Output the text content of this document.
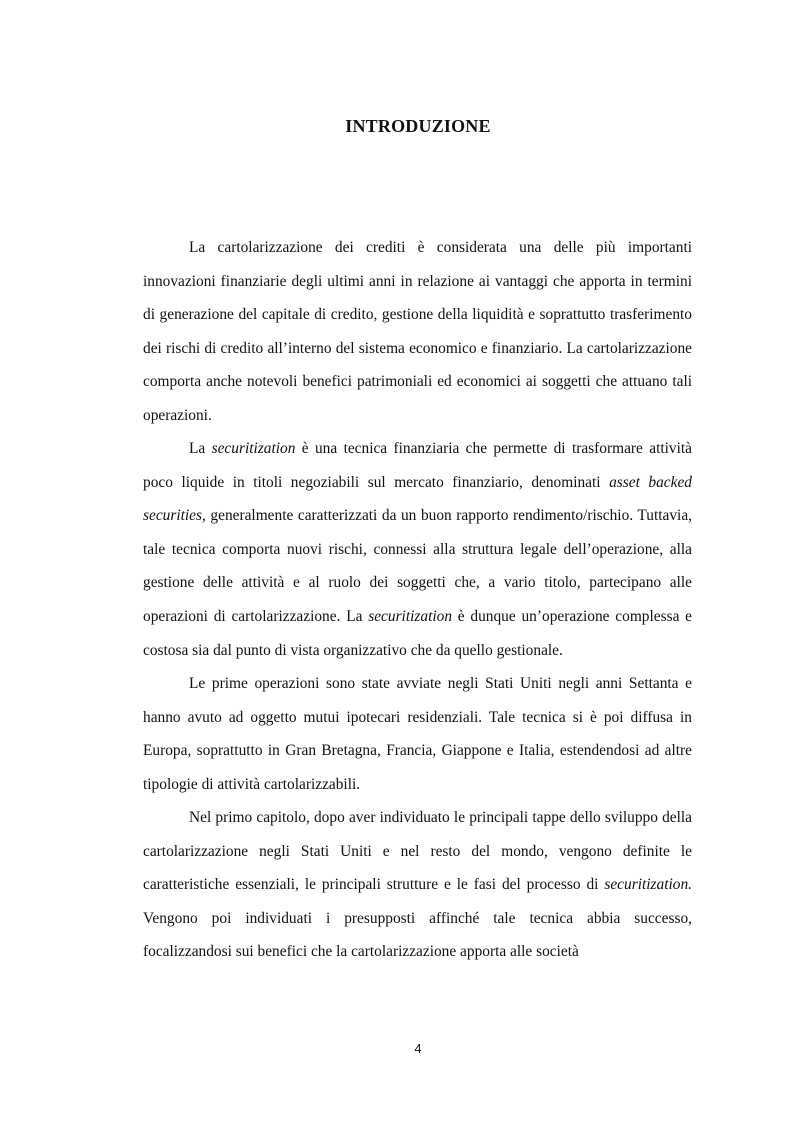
INTRODUZIONE

La cartolarizzazione dei crediti è considerata una delle più importanti innovazioni finanziarie degli ultimi anni in relazione ai vantaggi che apporta in termini di generazione del capitale di credito, gestione della liquidità e soprattutto trasferimento dei rischi di credito all’interno del sistema economico e finanziario. La cartolarizzazione comporta anche notevoli benefici patrimoniali ed economici ai soggetti che attuano tali operazioni.

La securitization è una tecnica finanziaria che permette di trasformare attività poco liquide in titoli negoziabili sul mercato finanziario, denominati asset backed securities, generalmente caratterizzati da un buon rapporto rendimento/rischio. Tuttavia, tale tecnica comporta nuovi rischi, connessi alla struttura legale dell’operazione, alla gestione delle attività e al ruolo dei soggetti che, a vario titolo, partecipano alle operazioni di cartolarizzazione. La securitization è dunque un’operazione complessa e costosa sia dal punto di vista organizzativo che da quello gestionale.

Le prime operazioni sono state avviate negli Stati Uniti negli anni Settanta e hanno avuto ad oggetto mutui ipotecari residenziali. Tale tecnica si è poi diffusa in Europa, soprattutto in Gran Bretagna, Francia, Giappone e Italia, estendendosi ad altre tipologie di attività cartolarizzabili.

Nel primo capitolo, dopo aver individuato le principali tappe dello sviluppo della cartolarizzazione negli Stati Uniti e nel resto del mondo, vengono definite le caratteristiche essenziali, le principali strutture e le fasi del processo di securitization. Vengono poi individuati i presupposti affinché tale tecnica abbia successo, focalizzandosi sui benefici che la cartolarizzazione apporta alle società

4
